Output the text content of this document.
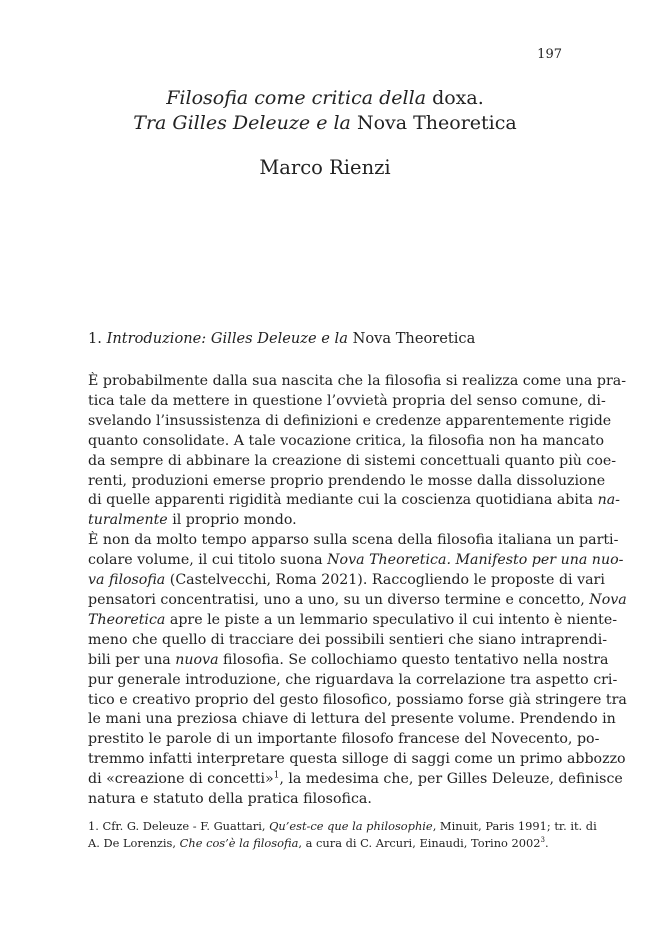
197
Filosofia come critica della doxa.
Tra Gilles Deleuze e la Nova Theoretica
Marco Rienzi
1. Introduzione: Gilles Deleuze e la Nova Theoretica
È probabilmente dalla sua nascita che la filosofia si realizza come una pra-
tica tale da mettere in questione l’ovvietà propria del senso comune, di-
svelando l’insussistenza di definizioni e credenze apparentemente rigide
quanto consolidate. A tale vocazione critica, la filosofia non ha mancato
da sempre di abbinare la creazione di sistemi concettuali quanto più coe-
renti, produzioni emerse proprio prendendo le mosse dalla dissoluzione
di quelle apparenti rigidità mediante cui la coscienza quotidiana abita na-
turalmente il proprio mondo.
È non da molto tempo apparso sulla scena della filosofia italiana un parti-
colare volume, il cui titolo suona Nova Theoretica. Manifesto per una nuo-
va filosofia (Castelvecchi, Roma 2021). Raccogliendo le proposte di vari
pensatori concentratisi, uno a uno, su un diverso termine e concetto, Nova
Theoretica apre le piste a un lemmario speculativo il cui intento è niente-
meno che quello di tracciare dei possibili sentieri che siano intraprendi-
bili per una nuova filosofia. Se collochiamo questo tentativo nella nostra
pur generale introduzione, che riguardava la correlazione tra aspetto cri-
tico e creativo proprio del gesto filosofico, possiamo forse già stringere tra
le mani una preziosa chiave di lettura del presente volume. Prendendo in
prestito le parole di un importante filosofo francese del Novecento, po-
tremmo infatti interpretare questa silloge di saggi come un primo abbozzo
di «creazione di concetti»$^1$, la medesima che, per Gilles Deleuze, definisce
natura e statuto della pratica filosofica.
1. Cfr. G. Deleuze - F. Guattari, Qu’est-ce que la philosophie, Minuit, Paris 1991; tr. it. di
A. De Lorenzis, Che cos’è la filosofia, a cura di C. Arcuri, Einaudi, Torino 2002$^3$.
